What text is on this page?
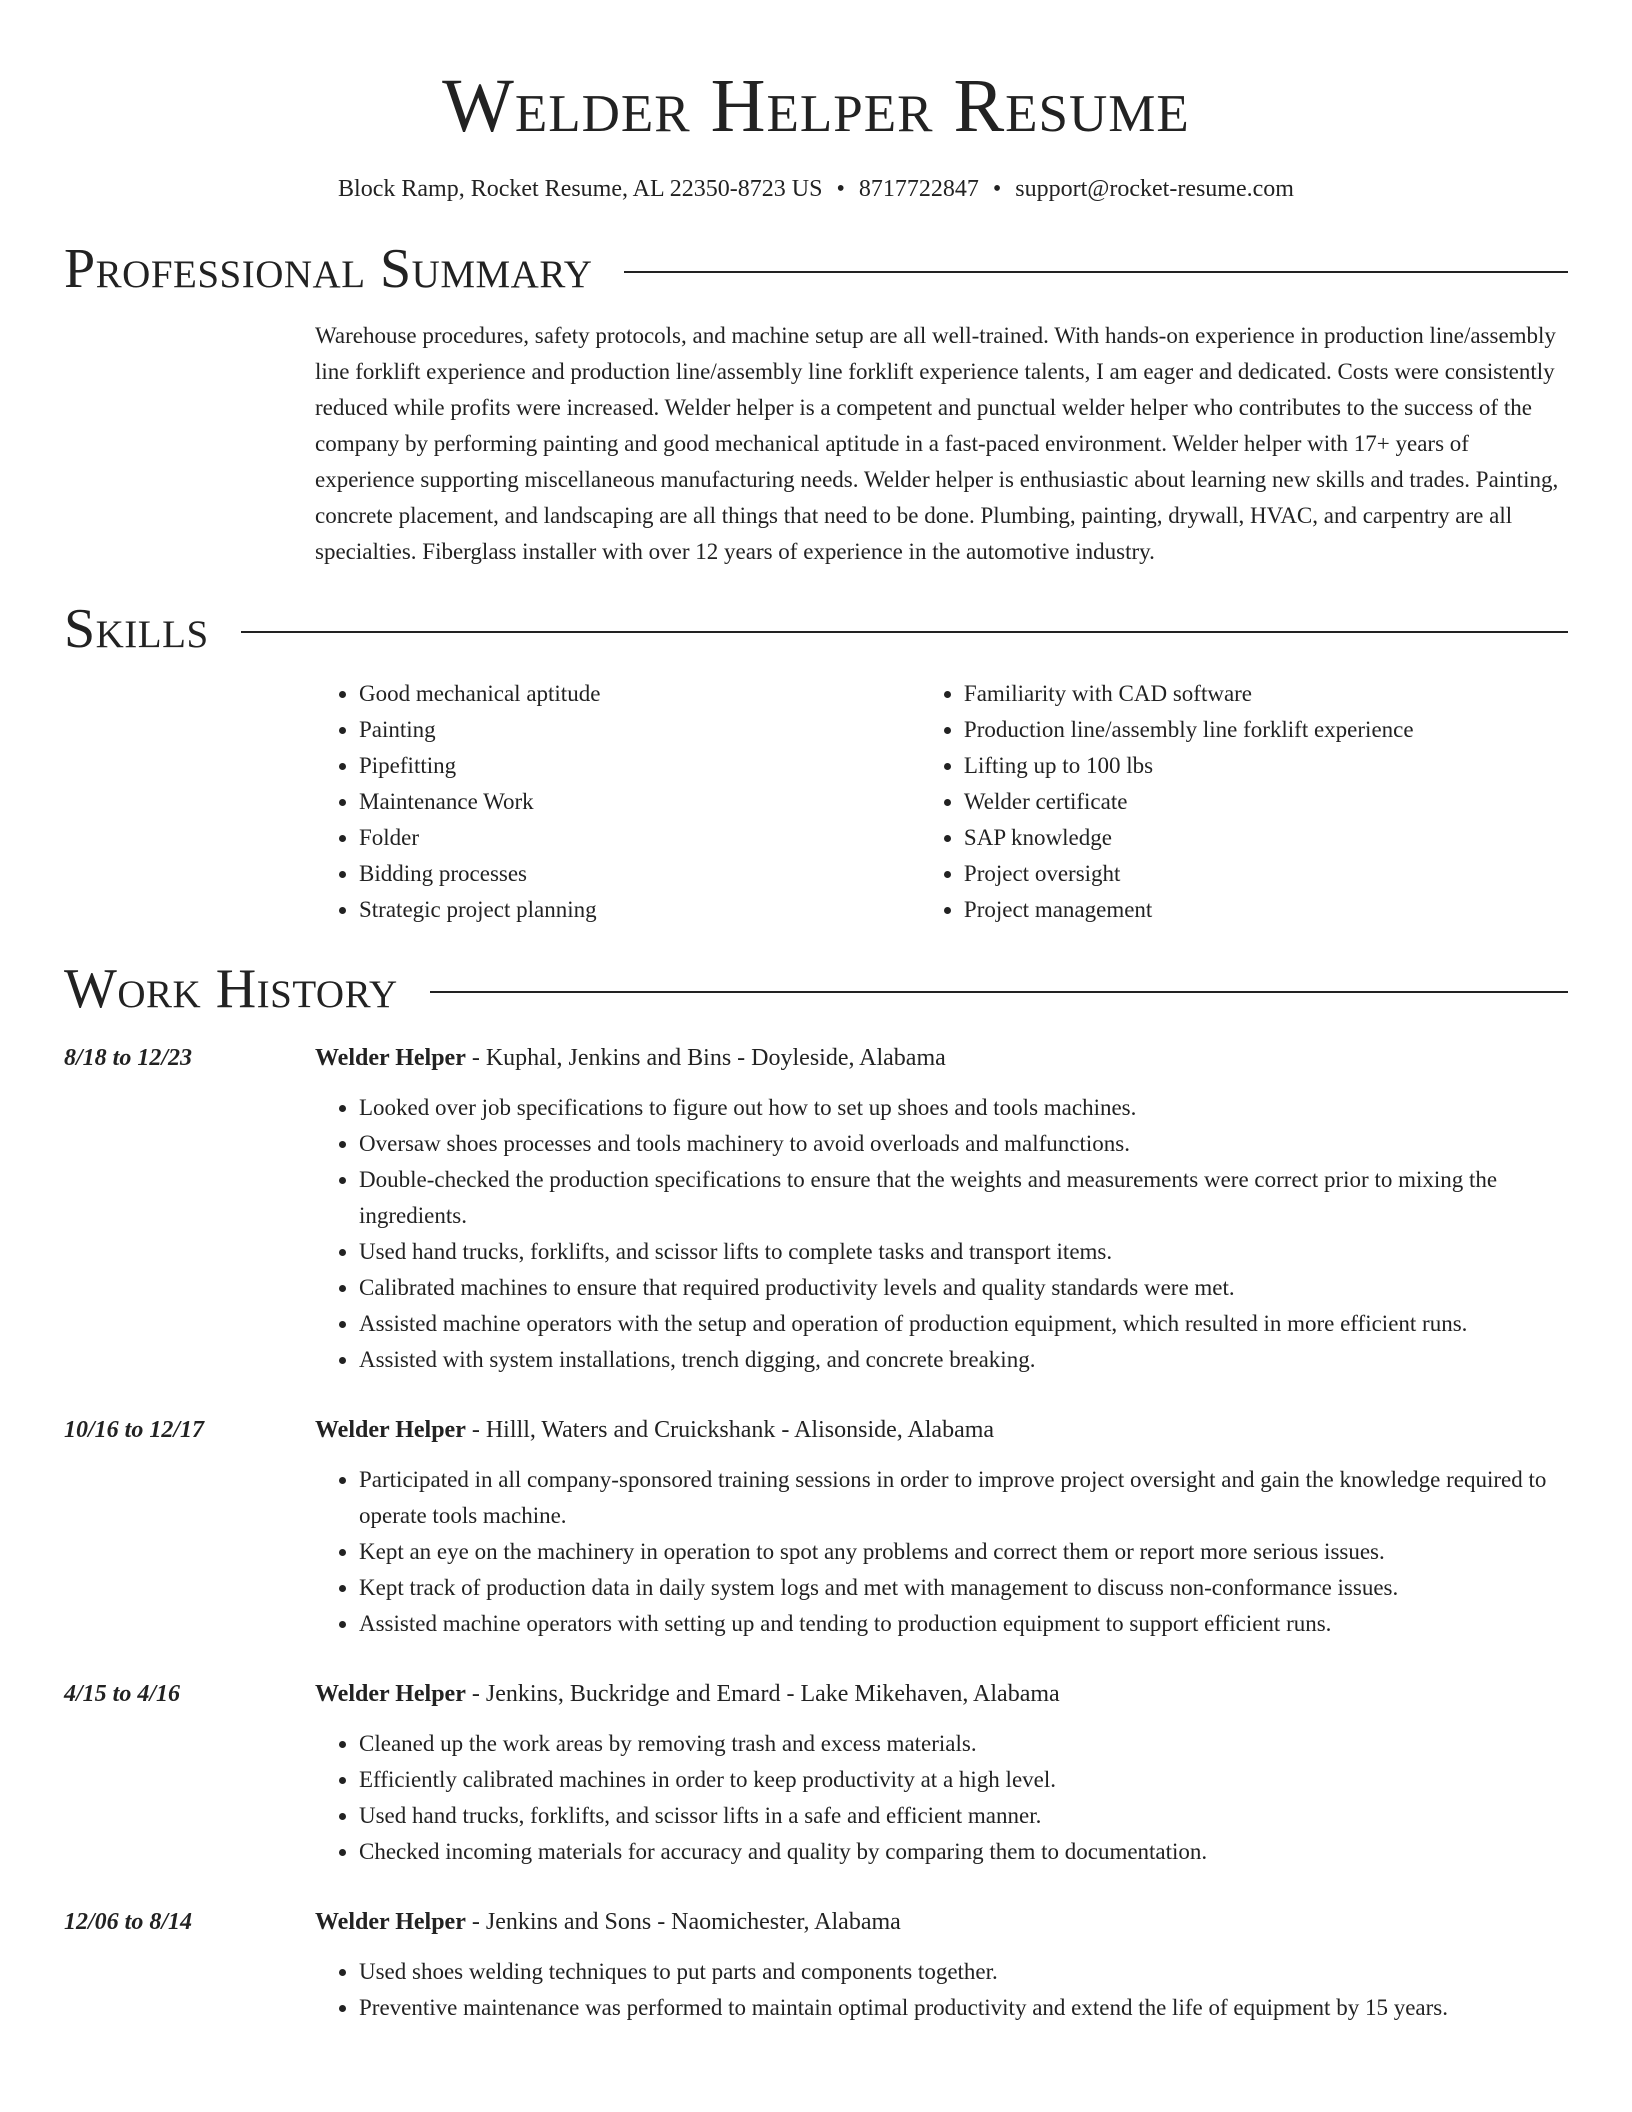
Welder Helper Resume
Block Ramp, Rocket Resume, AL 22350-8723 US • 8717722847 • support@rocket-resume.com
Professional Summary
Warehouse procedures, safety protocols, and machine setup are all well-trained. With hands-on experience in production line/assembly line forklift experience and production line/assembly line forklift experience talents, I am eager and dedicated. Costs were consistently reduced while profits were increased. Welder helper is a competent and punctual welder helper who contributes to the success of the company by performing painting and good mechanical aptitude in a fast-paced environment. Welder helper with 17+ years of experience supporting miscellaneous manufacturing needs. Welder helper is enthusiastic about learning new skills and trades. Painting, concrete placement, and landscaping are all things that need to be done. Plumbing, painting, drywall, HVAC, and carpentry are all specialties. Fiberglass installer with over 12 years of experience in the automotive industry.
Skills
• Good mechanical aptitude
• Painting
• Pipefitting
• Maintenance Work
• Folder
• Bidding processes
• Strategic project planning
• Familiarity with CAD software
• Production line/assembly line forklift experience
• Lifting up to 100 lbs
• Welder certificate
• SAP knowledge
• Project oversight
• Project management
Work History
8/18 to 12/23	Welder Helper - Kuphal, Jenkins and Bins - Doyleside, Alabama
• Looked over job specifications to figure out how to set up shoes and tools machines.
• Oversaw shoes processes and tools machinery to avoid overloads and malfunctions.
• Double-checked the production specifications to ensure that the weights and measurements were correct prior to mixing the ingredients.
• Used hand trucks, forklifts, and scissor lifts to complete tasks and transport items.
• Calibrated machines to ensure that required productivity levels and quality standards were met.
• Assisted machine operators with the setup and operation of production equipment, which resulted in more efficient runs.
• Assisted with system installations, trench digging, and concrete breaking.
10/16 to 12/17	Welder Helper - Hilll, Waters and Cruickshank - Alisonside, Alabama
• Participated in all company-sponsored training sessions in order to improve project oversight and gain the knowledge required to operate tools machine.
• Kept an eye on the machinery in operation to spot any problems and correct them or report more serious issues.
• Kept track of production data in daily system logs and met with management to discuss non-conformance issues.
• Assisted machine operators with setting up and tending to production equipment to support efficient runs.
4/15 to 4/16	Welder Helper - Jenkins, Buckridge and Emard - Lake Mikehaven, Alabama
• Cleaned up the work areas by removing trash and excess materials.
• Efficiently calibrated machines in order to keep productivity at a high level.
• Used hand trucks, forklifts, and scissor lifts in a safe and efficient manner.
• Checked incoming materials for accuracy and quality by comparing them to documentation.
12/06 to 8/14	Welder Helper - Jenkins and Sons - Naomichester, Alabama
• Used shoes welding techniques to put parts and components together.
• Preventive maintenance was performed to maintain optimal productivity and extend the life of equipment by 15 years.
